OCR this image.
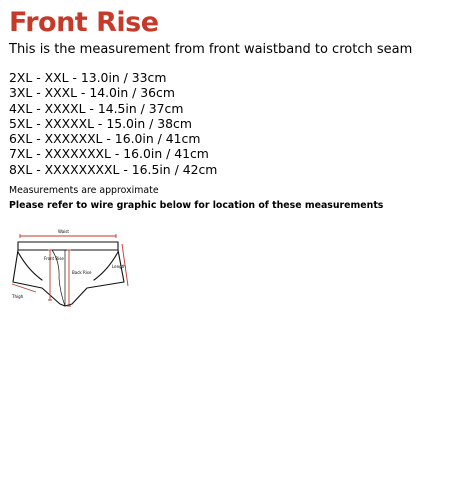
Front Rise

This is the measurement from front waistband to crotch seam

2XL - XXL - 13.0in / 33cm
3XL - XXXL - 14.0in / 36cm
4XL - XXXXL - 14.5in / 37cm
5XL - XXXXXL - 15.0in / 38cm
6XL - XXXXXXL - 16.0in / 41cm
7XL - XXXXXXXL - 16.0in / 41cm
8XL - XXXXXXXXL - 16.5in / 42cm

Measurements are approximate

Please refer to wire graphic below for location of these measurements

Waist
Front Rise
Back Rise
Length
Thigh
